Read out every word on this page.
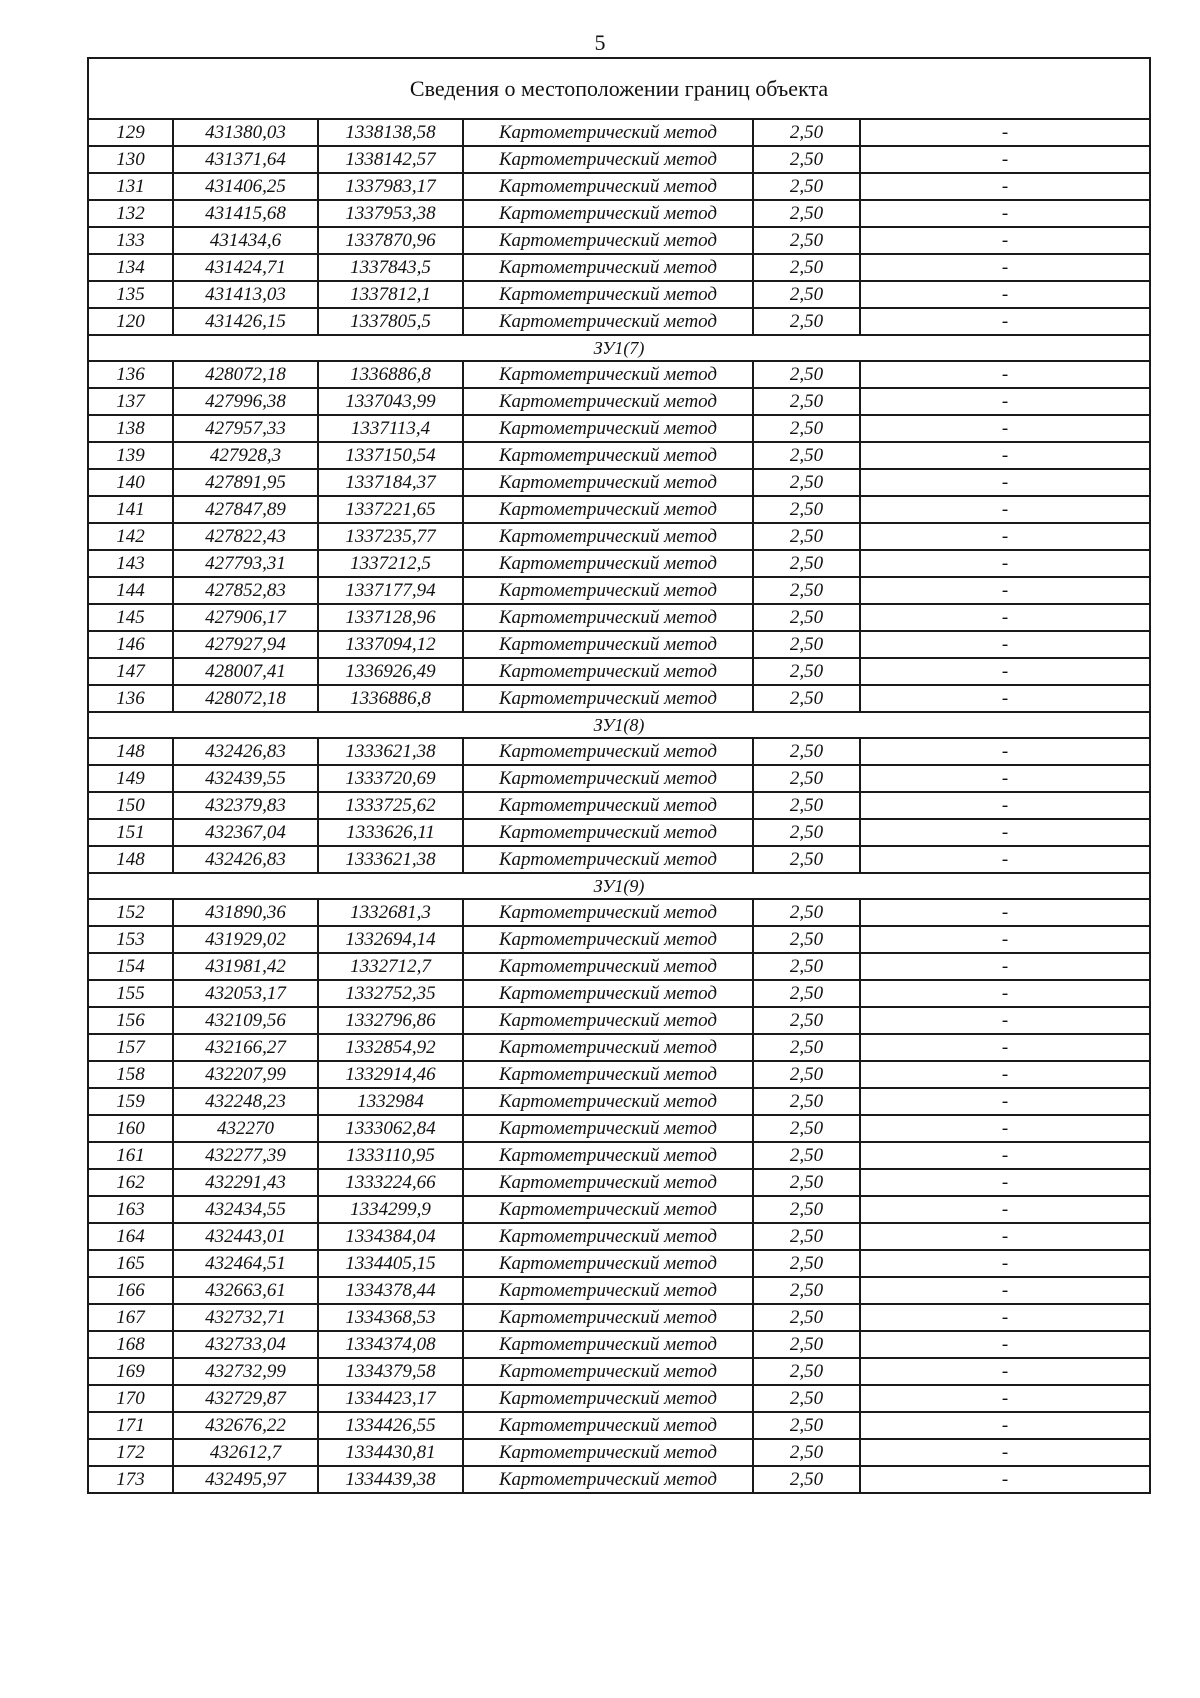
5
Сведения о местоположении границ объекта					
129	431380,03	1338138,58	Картометрический метод	2,50	-
130	431371,64	1338142,57	Картометрический метод	2,50	-
131	431406,25	1337983,17	Картометрический метод	2,50	-
132	431415,68	1337953,38	Картометрический метод	2,50	-
133	431434,6	1337870,96	Картометрический метод	2,50	-
134	431424,71	1337843,5	Картометрический метод	2,50	-
135	431413,03	1337812,1	Картометрический метод	2,50	-
120	431426,15	1337805,5	Картометрический метод	2,50	-
ЗУ1(7)					
136	428072,18	1336886,8	Картометрический метод	2,50	-
137	427996,38	1337043,99	Картометрический метод	2,50	-
138	427957,33	1337113,4	Картометрический метод	2,50	-
139	427928,3	1337150,54	Картометрический метод	2,50	-
140	427891,95	1337184,37	Картометрический метод	2,50	-
141	427847,89	1337221,65	Картометрический метод	2,50	-
142	427822,43	1337235,77	Картометрический метод	2,50	-
143	427793,31	1337212,5	Картометрический метод	2,50	-
144	427852,83	1337177,94	Картометрический метод	2,50	-
145	427906,17	1337128,96	Картометрический метод	2,50	-
146	427927,94	1337094,12	Картометрический метод	2,50	-
147	428007,41	1336926,49	Картометрический метод	2,50	-
136	428072,18	1336886,8	Картометрический метод	2,50	-
ЗУ1(8)					
148	432426,83	1333621,38	Картометрический метод	2,50	-
149	432439,55	1333720,69	Картометрический метод	2,50	-
150	432379,83	1333725,62	Картометрический метод	2,50	-
151	432367,04	1333626,11	Картометрический метод	2,50	-
148	432426,83	1333621,38	Картометрический метод	2,50	-
ЗУ1(9)					
152	431890,36	1332681,3	Картометрический метод	2,50	-
153	431929,02	1332694,14	Картометрический метод	2,50	-
154	431981,42	1332712,7	Картометрический метод	2,50	-
155	432053,17	1332752,35	Картометрический метод	2,50	-
156	432109,56	1332796,86	Картометрический метод	2,50	-
157	432166,27	1332854,92	Картометрический метод	2,50	-
158	432207,99	1332914,46	Картометрический метод	2,50	-
159	432248,23	1332984	Картометрический метод	2,50	-
160	432270	1333062,84	Картометрический метод	2,50	-
161	432277,39	1333110,95	Картометрический метод	2,50	-
162	432291,43	1333224,66	Картометрический метод	2,50	-
163	432434,55	1334299,9	Картометрический метод	2,50	-
164	432443,01	1334384,04	Картометрический метод	2,50	-
165	432464,51	1334405,15	Картометрический метод	2,50	-
166	432663,61	1334378,44	Картометрический метод	2,50	-
167	432732,71	1334368,53	Картометрический метод	2,50	-
168	432733,04	1334374,08	Картометрический метод	2,50	-
169	432732,99	1334379,58	Картометрический метод	2,50	-
170	432729,87	1334423,17	Картометрический метод	2,50	-
171	432676,22	1334426,55	Картометрический метод	2,50	-
172	432612,7	1334430,81	Картометрический метод	2,50	-
173	432495,97	1334439,38	Картометрический метод	2,50	-
